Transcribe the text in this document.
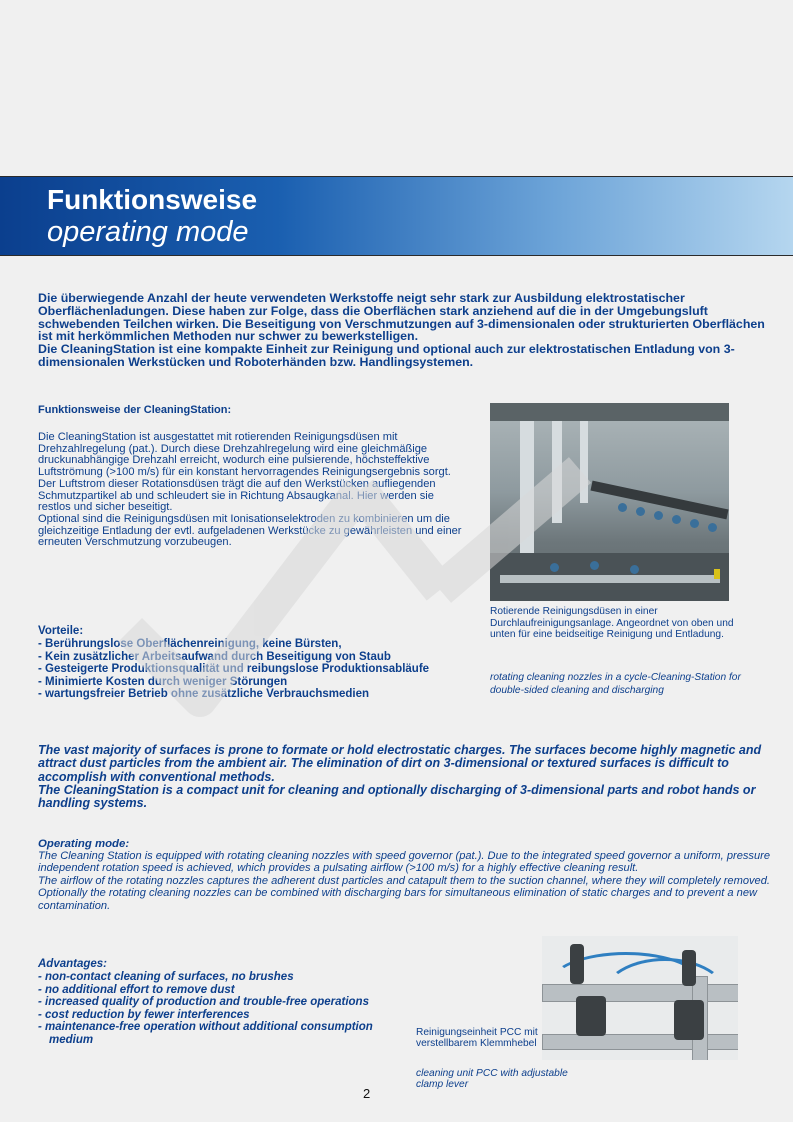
Funktionsweise
operating mode

Die überwiegende Anzahl der heute verwendeten Werkstoffe neigt sehr stark zur Ausbildung elektrostatischer Oberflächenladungen. Diese haben zur Folge, dass die Oberflächen stark anziehend auf die in der Umgebungsluft schwebenden Teilchen wirken. Die Beseitigung von Verschmutzungen auf 3-dimensionalen oder strukturierten Oberflächen ist mit herkömmlichen Methoden nur schwer zu bewerkstelligen.
Die CleaningStation ist eine kompakte Einheit zur Reinigung und optional auch zur elektrostatischen Entladung von 3-dimensionalen Werkstücken und Roboterhänden bzw. Handlingsystemen.

Funktionsweise der CleaningStation:

Die CleaningStation ist ausgestattet mit rotierenden Reinigungsdüsen mit Drehzahlregelung (pat.). Durch diese Drehzahlregelung wird eine gleichmäßige druckunabhängige Drehzahl erreicht, wodurch eine pulsierende, höchsteffektive Luftströmung (>100 m/s) für ein konstant hervorragendes Reinigungsergebnis sorgt.
Der Luftstrom dieser Rotationsdüsen trägt die auf den Werkstücken aufliegenden Schmutzpartikel ab und schleudert sie in Richtung Absaugkanal. Hier werden sie restlos und sicher beseitigt.
Optional sind die Reinigungsdüsen mit Ionisationselektroden zu kombinieren um die gleichzeitige Entladung der evtl. aufgeladenen Werkstücke zu gewährleisten und einer erneuten Verschmutzung vorzubeugen.

Vorteile:
- Berührungslose Oberflächenreinigung, keine Bürsten,
- Kein zusätzlicher Arbeitsaufwand durch Beseitigung von Staub
- Gesteigerte Produktionsqualität und reibungslose Produktionsabläufe
- Minimierte Kosten durch weniger Störungen
- wartungsfreier Betrieb ohne zusätzliche Verbrauchsmedien

Rotierende Reinigungsdüsen in einer Durchlaufreinigungsanlage. Angeordnet von oben und unten für eine beidseitige Reinigung und Entladung.

rotating cleaning nozzles in a cycle-Cleaning-Station for double-sided cleaning and discharging

The vast majority of surfaces is prone to formate or hold electrostatic charges. The surfaces become highly magnetic and attract dust particles from the ambient air. The elimination of dirt on 3-dimensional or textured surfaces is difficult to accomplish with conventional methods.
The CleaningStation is a compact unit for cleaning and optionally discharging of 3-dimensional parts and robot hands or handling systems.

Operating mode:

The Cleaning Station is equipped with rotating cleaning nozzles with speed governor (pat.). Due to the integrated speed governor a uniform, pressure independent rotation speed is achieved, which provides a pulsating airflow (>100 m/s) for a highly effective cleaning result.
The airflow of the rotating nozzles captures the adherent dust particles and catapult them to the suction channel, where they will completely removed. Optionally the rotating cleaning nozzles can be combined with discharging bars for simultaneous elimination of static charges and to prevent a new contamination.

Advantages:
- non-contact cleaning of surfaces, no brushes
- no additional effort to remove dust
- increased quality of production and trouble-free operations
- cost reduction by fewer interferences
- maintenance-free operation without additional consumption medium

Reinigungseinheit PCC mit verstellbarem Klemmhebel

cleaning unit PCC with adjustable clamp lever

2
